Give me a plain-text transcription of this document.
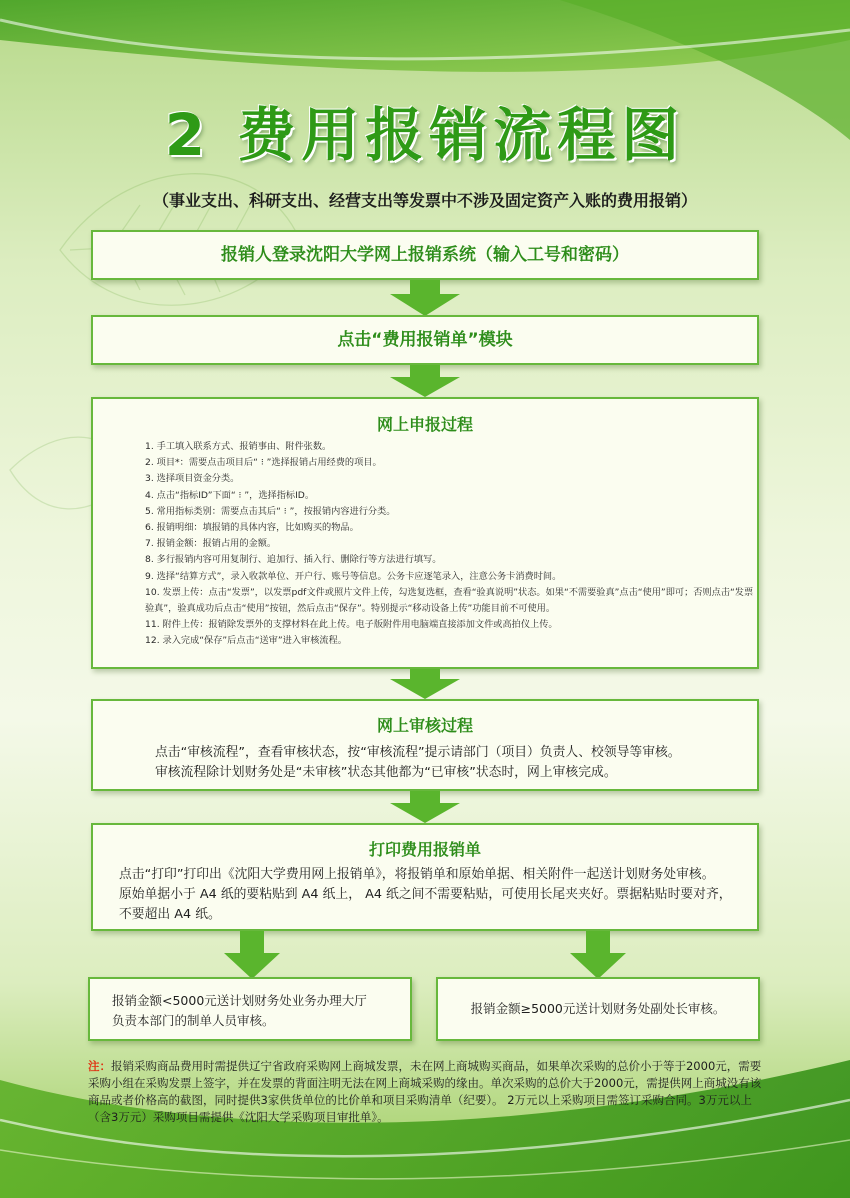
2 费用报销流程图
（事业支出、科研支出、经营支出等发票中不涉及固定资产入账的费用报销）
报销人登录沈阳大学网上报销系统（输入工号和密码）
点击“费用报销单”模块
网上申报过程
1. 手工填入联系方式、报销事由、附件张数。
2. 项目*：需要点击项目后“ ⁝ ”选择报销占用经费的项目。
3. 选择项目资金分类。
4. 点击“指标ID”下面“ ⁝ ”，选择指标ID。
5. 常用指标类别：需要点击其后“ ⁝ ”，按报销内容进行分类。
6. 报销明细：填报销的具体内容，比如购买的物品。
7. 报销金额：报销占用的金额。
8. 多行报销内容可用复制行、追加行、插入行、删除行等方法进行填写。
9. 选择“结算方式”，录入收款单位、开户行、账号等信息。公务卡应逐笔录入，注意公务卡消费时间。
10. 发票上传：点击“发票”，以发票pdf文件或照片文件上传，勾选复选框，查看“验真说明”状态。如果“不需要验真”点击“使用”即可；否则点击“发票验真”，验真成功后点击“使用”按钮，然后点击“保存”。特别提示“移动设备上传”功能目前不可使用。
11. 附件上传：报销除发票外的支撑材料在此上传。电子版附件用电脑端直接添加文件或高拍仪上传。
12. 录入完成“保存”后点击“送审”进入审核流程。
网上审核过程
点击“审核流程”，查看审核状态，按“审核流程”提示请部门（项目）负责人、校领导等审核。
审核流程除计划财务处是“未审核”状态其他都为“已审核”状态时，网上审核完成。
打印费用报销单
点击“打印”打印出《沈阳大学费用网上报销单》，将报销单和原始单据、相关附件一起送计划财务处审核。
原始单据小于 A4 纸的要粘贴到 A4 纸上， A4 纸之间不需要粘贴，可使用长尾夹夹好。票据粘贴时要对齐，
不要超出 A4 纸。
报销金额<5000元送计划财务处业务办理大厅
负责本部门的制单人员审核。
报销金额≥5000元送计划财务处副处长审核。
注：报销采购商品费用时需提供辽宁省政府采购网上商城发票，未在网上商城购买商品，如果单次采购的总价小于等于2000元，需要采购小组在采购发票上签字，并在发票的背面注明无法在网上商城采购的缘由。单次采购的总价大于2000元，需提供网上商城没有该商品或者价格高的截图，同时提供3家供货单位的比价单和项目采购清单（纪要）。 2万元以上采购项目需签订采购合同。3万元以上（含3万元）采购项目需提供《沈阳大学采购项目审批单》。
